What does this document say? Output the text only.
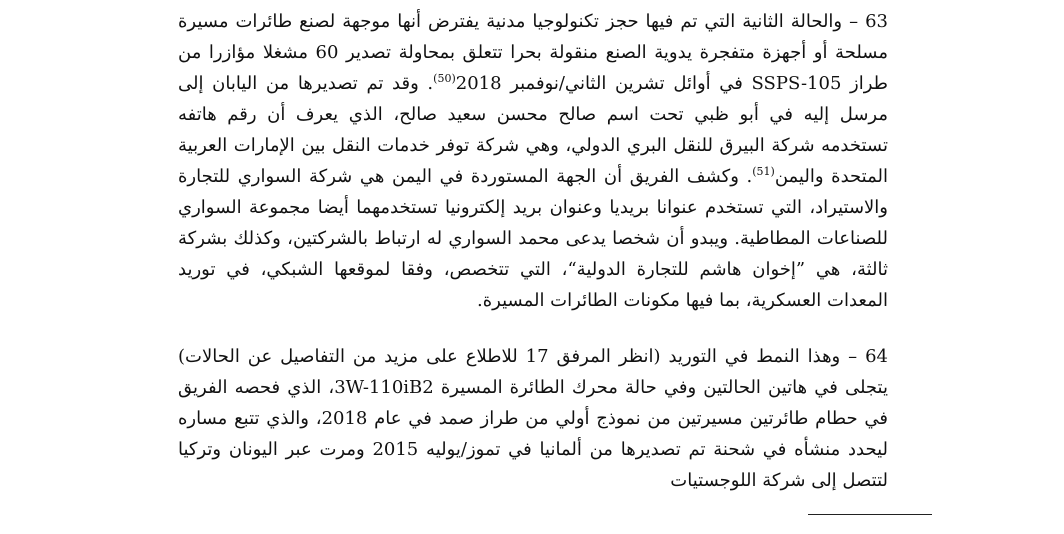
63 – والحالة الثانية التي تم فيها حجز تكنولوجيا مدنية يفترض أنها موجهة لصنع طائرات مسيرة مسلحة أو أجهزة متفجرة يدوية الصنع منقولة بحرا تتعلق بمحاولة تصدير 60 مشغلا مؤازرا من طراز SSPS-105 في أوائل تشرين الثاني/نوفمبر 2018$^{(50)}$. وقد تم تصديرها من اليابان إلى مرسل إليه في أبو ظبي تحت اسم صالح محسن سعيد صالح، الذي يعرف أن رقم هاتفه تستخدمه شركة البيرق للنقل البري الدولي، وهي شركة توفر خدمات النقل بين الإمارات العربية المتحدة واليمن$^{(51)}$. وكشف الفريق أن الجهة المستوردة في اليمن هي شركة السواري للتجارة والاستيراد، التي تستخدم عنوانا بريديا وعنوان بريد إلكترونيا تستخدمهما أيضا مجموعة السواري للصناعات المطاطية. ويبدو أن شخصا يدعى محمد السواري له ارتباط بالشركتين، وكذلك بشركة ثالثة، هي ”إخوان هاشم للتجارة الدولية“، التي تتخصص، وفقا لموقعها الشبكي، في توريد المعدات العسكرية، بما فيها مكونات الطائرات المسيرة.

64 – وهذا النمط في التوريد (انظر المرفق 17 للاطلاع على مزيد من التفاصيل عن الحالات) يتجلى في هاتين الحالتين وفي حالة محرك الطائرة المسيرة 3W-110iB2، الذي فحصه الفريق في حطام طائرتين مسيرتين من نموذج أولي من طراز صمد في عام 2018، والذي تتبع مساره ليحدد منشأه في شحنة تم تصديرها من ألمانيا في تموز/يوليه 2015 ومرت عبر اليونان وتركيا لتتصل إلى شركة اللوجستيات
